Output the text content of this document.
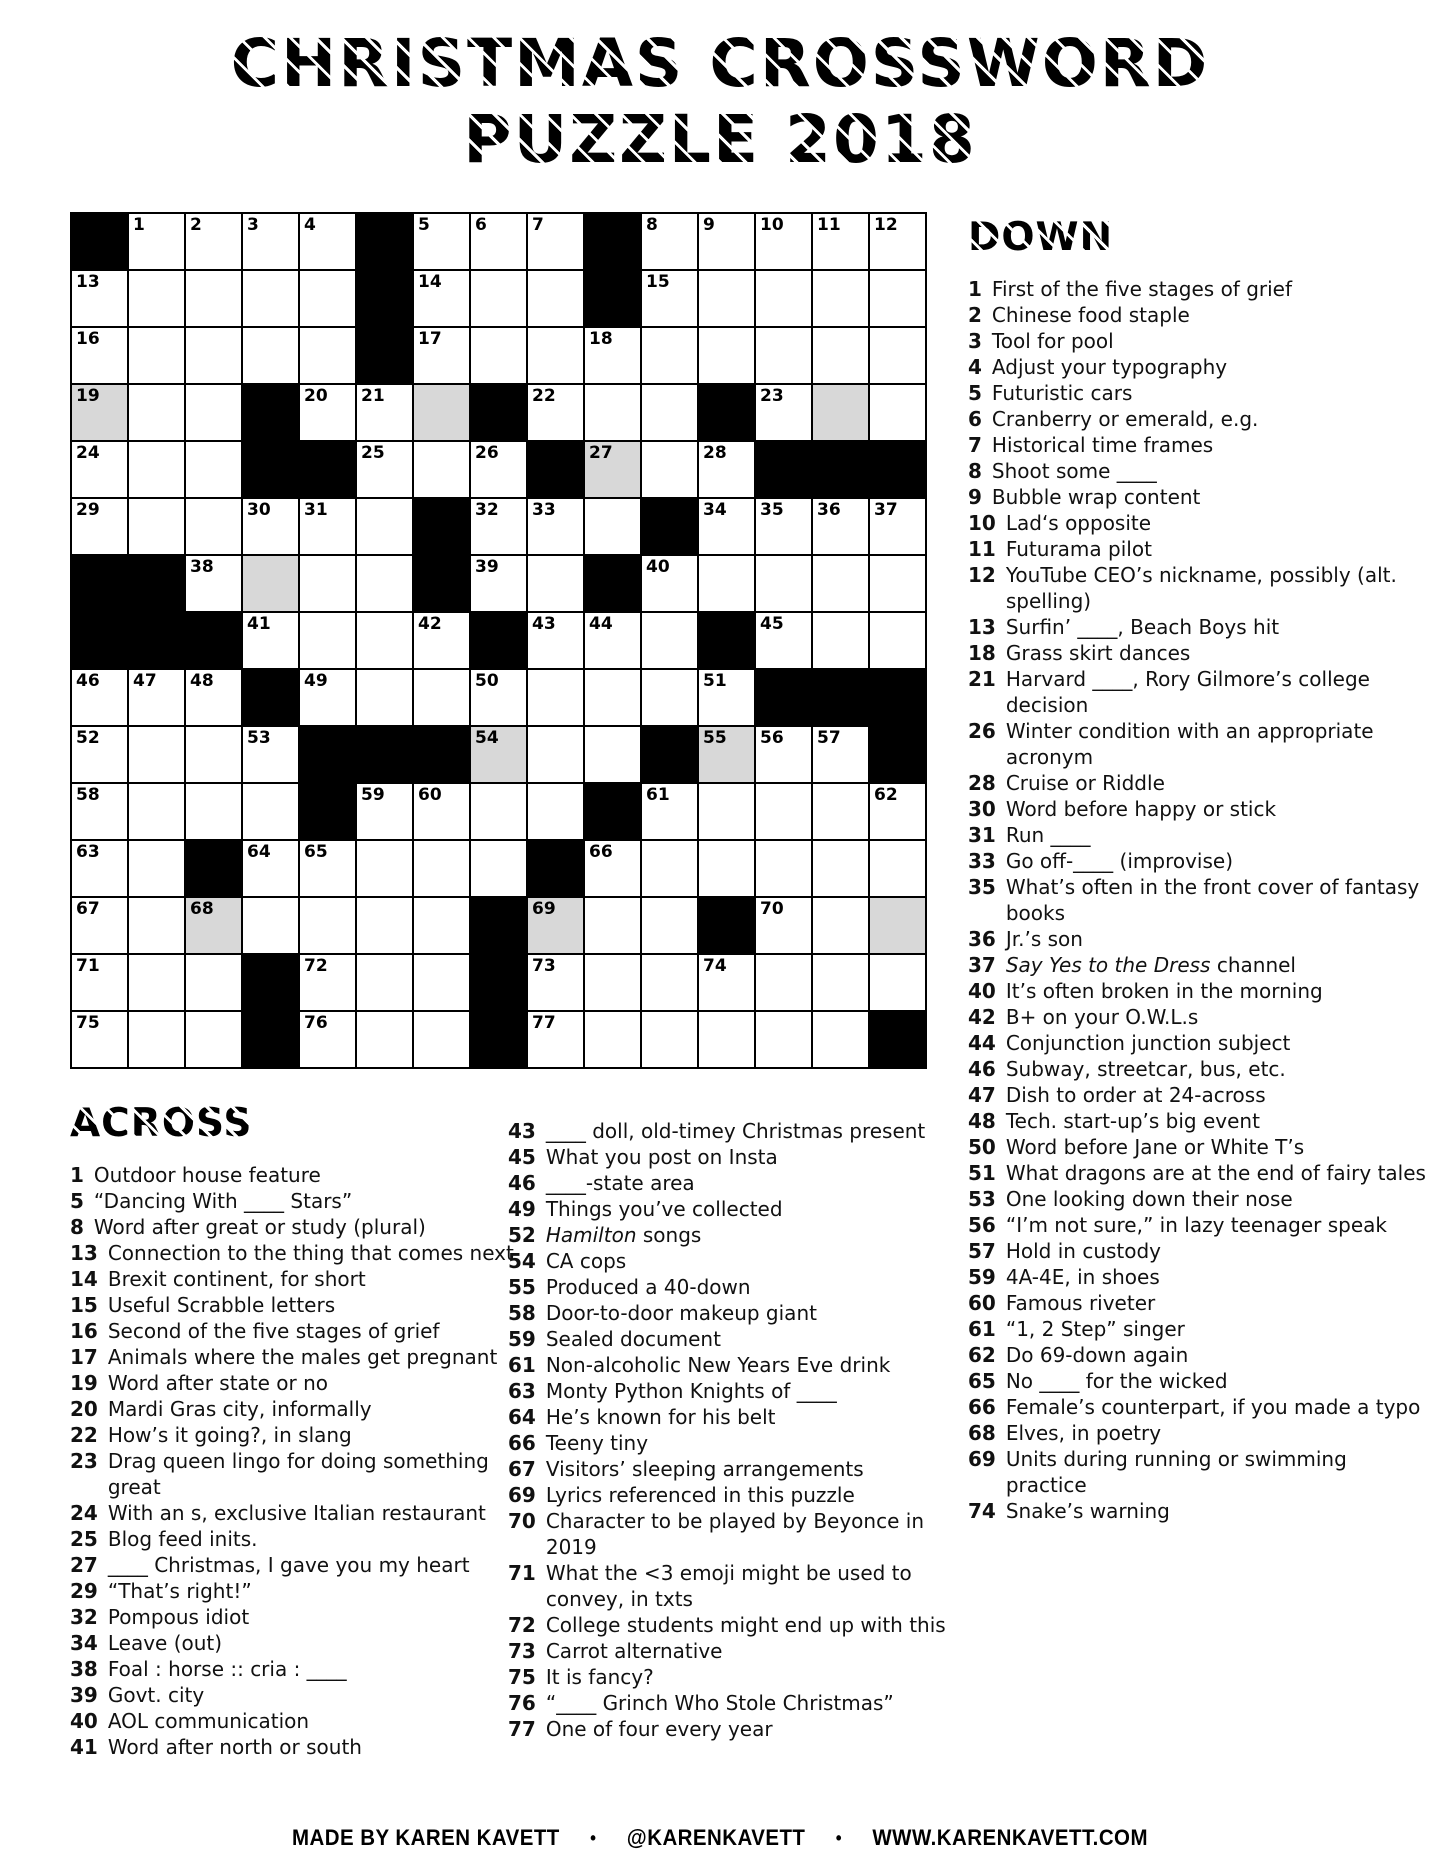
CHRISTMAS CROSSWORD
PUZZLE 2018
1	2	3	4	5	6	7	8	9	10 11 12
13	14	15
16	17	18
19	20 21	22	23
24	25	26	27	28
29	30 31	32 33	34 35 36 37
38	39	40
41	42	43 44	45
46 47 48	49	50	51
52	53	54	55 56 57
58	59 60	61	62
63	64 65	66
67	68	69	70
71	72	73	74
75	76	77
DOWN
1 First of the five stages of grief
2 Chinese food staple
3 Tool for pool
4 Adjust your typography
5 Futuristic cars
6 Cranberry or emerald, e.g.
7 Historical time frames
8 Shoot some ____
9 Bubble wrap content
10 Lad‘s opposite
11 Futurama pilot
12 YouTube CEO’s nickname, possibly (alt. spelling)
13 Surfin’ ____, Beach Boys hit
18 Grass skirt dances
21 Harvard ____, Rory Gilmore’s college decision
26 Winter condition with an appropriate acronym
28 Cruise or Riddle
30 Word before happy or stick
31 Run ____
33 Go off-____ (improvise)
35 What’s often in the front cover of fantasy books
36 Jr.’s son
37 Say Yes to the Dress channel
40 It’s often broken in the morning
42 B+ on your O.W.L.s
44 Conjunction junction subject
46 Subway, streetcar, bus, etc.
47 Dish to order at 24-across
48 Tech. start-up’s big event
50 Word before Jane or White T’s
51 What dragons are at the end of fairy tales
53 One looking down their nose
56 “I’m not sure,” in lazy teenager speak
57 Hold in custody
59 4A-4E, in shoes
60 Famous riveter
61 “1, 2 Step” singer
62 Do 69-down again
65 No ____ for the wicked
66 Female’s counterpart, if you made a typo
68 Elves, in poetry
69 Units during running or swimming practice
74 Snake’s warning
ACROSS
1 Outdoor house feature
5 “Dancing With ____ Stars”
8 Word after great or study (plural)
13 Connection to the thing that comes next
14 Brexit continent, for short
15 Useful Scrabble letters
16 Second of the five stages of grief
17 Animals where the males get pregnant
19 Word after state or no
20 Mardi Gras city, informally
22 How’s it going?, in slang
23 Drag queen lingo for doing something great
24 With an s, exclusive Italian restaurant
25 Blog feed inits.
27 ____ Christmas, I gave you my heart
29 “That’s right!”
32 Pompous idiot
34 Leave (out)
38 Foal : horse :: cria : ____
39 Govt. city
40 AOL communication
41 Word after north or south
43 ____ doll, old-timey Christmas present
45 What you post on Insta
46 ____-state area
49 Things you’ve collected
52 Hamilton songs
54 CA cops
55 Produced a 40-down
58 Door-to-door makeup giant
59 Sealed document
61 Non-alcoholic New Years Eve drink
63 Monty Python Knights of ____
64 He’s known for his belt
66 Teeny tiny
67 Visitors’ sleeping arrangements
69 Lyrics referenced in this puzzle
70 Character to be played by Beyonce in 2019
71 What the <3 emoji might be used to convey, in txts
72 College students might end up with this
73 Carrot alternative
75 It is fancy?
76 “____ Grinch Who Stole Christmas”
77 One of four every year
MADE BY KAREN KAVETT • @KARENKAVETT • WWW.KARENKAVETT.COM
